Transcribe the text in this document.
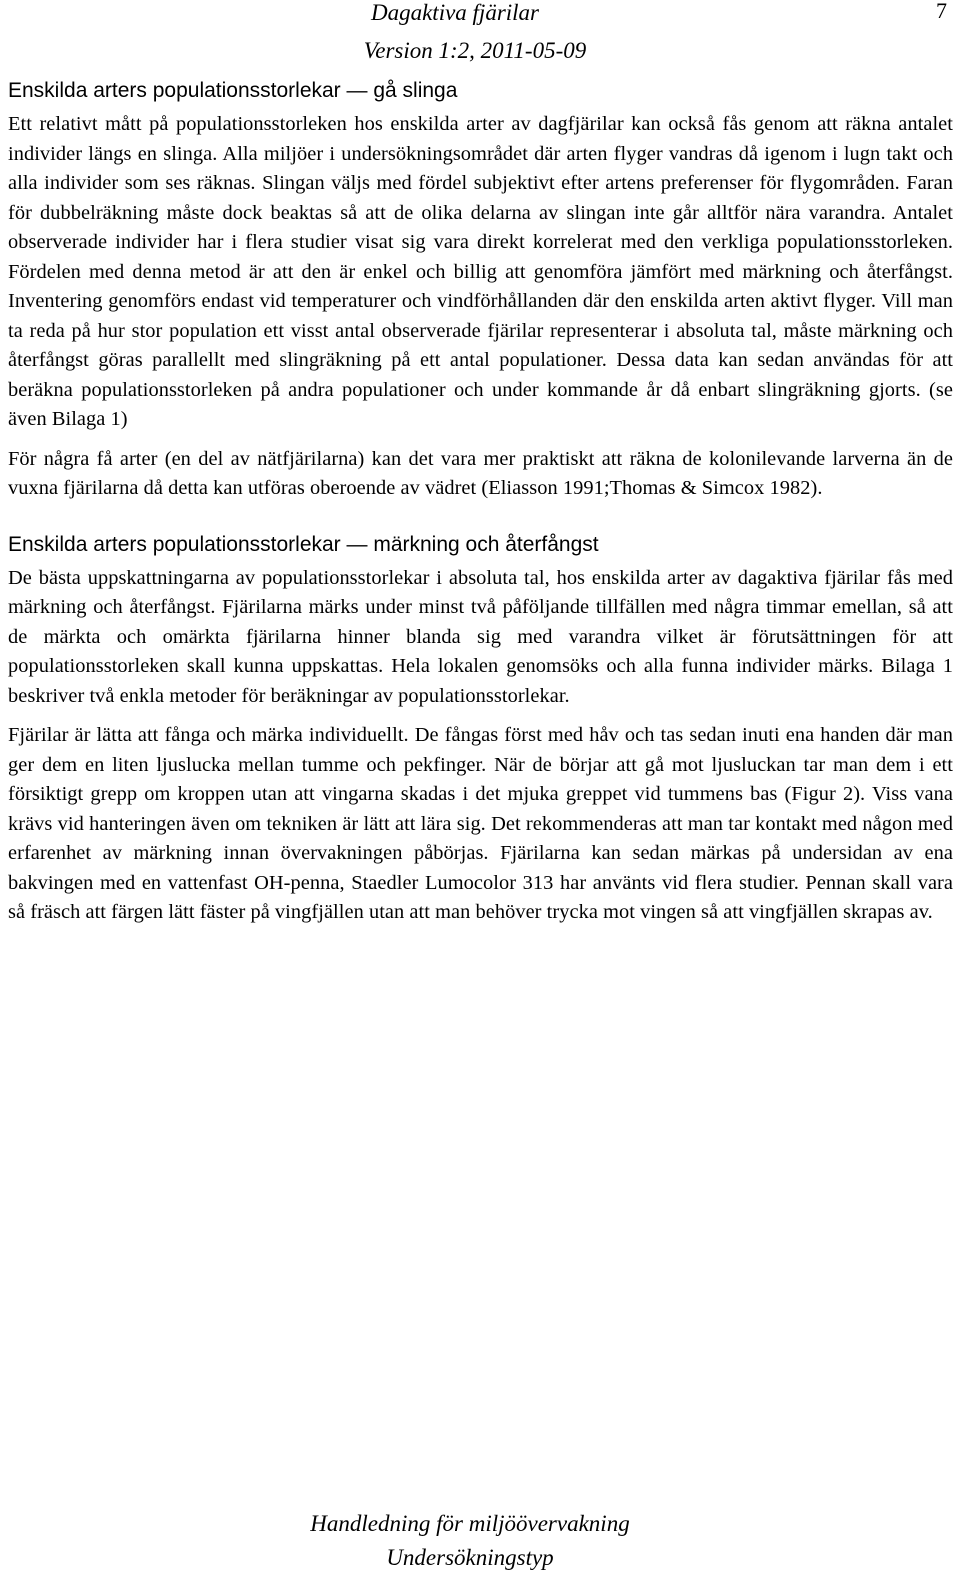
Dagaktiva fjärilar	7
Version 1:2, 2011-05-09
Enskilda arters populationsstorlekar — gå slinga

Ett relativt mått på populationsstorleken hos enskilda arter av dagfjärilar kan också fås genom att räkna antalet individer längs en slinga. Alla miljöer i undersökningsområdet där arten flyger vandras då igenom i lugn takt och alla individer som ses räknas. Slingan väljs med fördel subjektivt efter artens preferenser för flygområden. Faran för dubbelräkning måste dock beaktas så att de olika delarna av slingan inte går alltför nära varandra. Antalet observerade individer har i flera studier visat sig vara direkt korrelerat med den verkliga populationsstorleken. Fördelen med denna metod är att den är enkel och billig att genomföra jämfört med märkning och återfångst. Inventering genomförs endast vid temperaturer och vindförhållanden där den enskilda arten aktivt flyger. Vill man ta reda på hur stor population ett visst antal observerade fjärilar representerar i absoluta tal, måste märkning och återfångst göras parallellt med slingräkning på ett antal populationer. Dessa data kan sedan användas för att beräkna populationsstorleken på andra populationer och under kommande år då enbart slingräkning gjorts. (se även Bilaga 1)

För några få arter (en del av nätfjärilarna) kan det vara mer praktiskt att räkna de kolonilevande larverna än de vuxna fjärilarna då detta kan utföras oberoende av vädret (Eliasson 1991;Thomas & Simcox 1982).

Enskilda arters populationsstorlekar — märkning och återfångst

De bästa uppskattningarna av populationsstorlekar i absoluta tal, hos enskilda arter av dagaktiva fjärilar fås med märkning och återfångst. Fjärilarna märks under minst två påföljande tillfällen med några timmar emellan, så att de märkta och omärkta fjärilarna hinner blanda sig med varandra vilket är förutsättningen för att populationsstorleken skall kunna uppskattas. Hela lokalen genomsöks och alla funna individer märks. Bilaga 1 beskriver två enkla metoder för beräkningar av populationsstorlekar.

Fjärilar är lätta att fånga och märka individuellt. De fångas först med håv och tas sedan inuti ena handen där man ger dem en liten ljuslucka mellan tumme och pekfinger. När de börjar att gå mot ljusluckan tar man dem i ett försiktigt grepp om kroppen utan att vingarna skadas i det mjuka greppet vid tummens bas (Figur 2). Viss vana krävs vid hanteringen även om tekniken är lätt att lära sig. Det rekommenderas att man tar kontakt med någon med erfarenhet av märkning innan övervakningen påbörjas. Fjärilarna kan sedan märkas på undersidan av ena bakvingen med en vattenfast OH-penna, Staedler Lumocolor 313 har använts vid flera studier. Pennan skall vara så fräsch att färgen lätt fäster på vingfjällen utan att man behöver trycka mot vingen så att vingfjällen skrapas av.

Handledning för miljöövervakning
Undersökningstyp
